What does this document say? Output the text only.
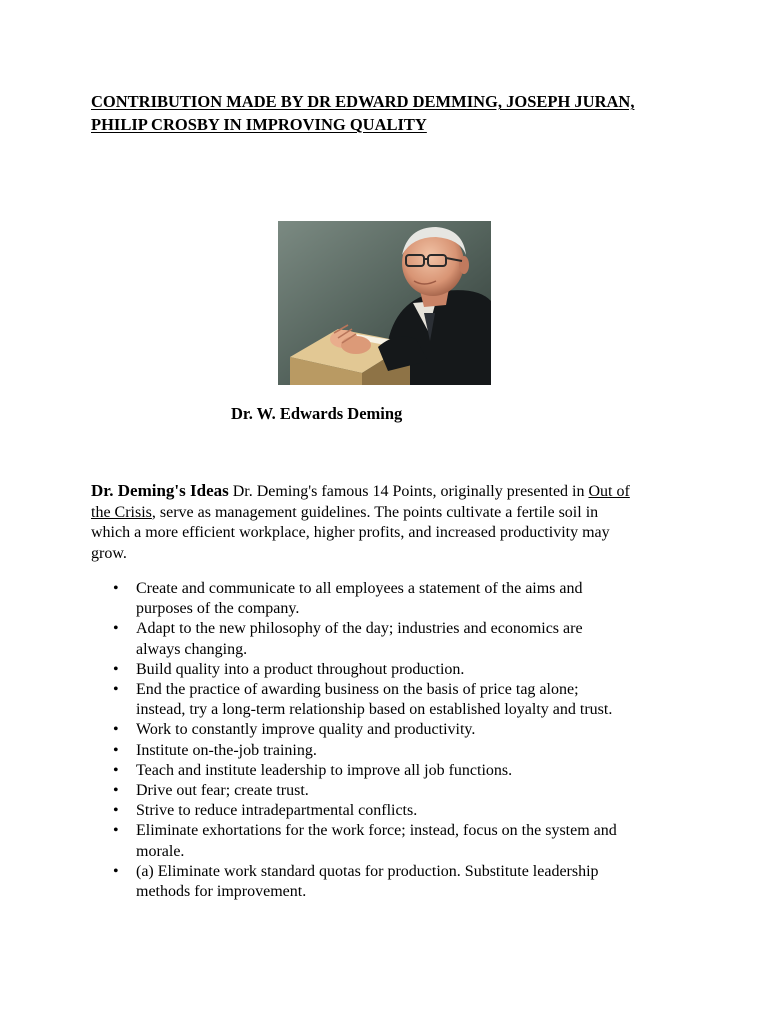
CONTRIBUTION MADE BY DR EDWARD DEMMING, JOSEPH JURAN,
PHILIP CROSBY IN IMPROVING QUALITY
Dr. W. Edwards Deming
Dr. Deming's Ideas Dr. Deming's famous 14 Points, originally presented in Out of
the Crisis, serve as management guidelines. The points cultivate a fertile soil in
which a more efficient workplace, higher profits, and increased productivity may
grow.
• Create and communicate to all employees a statement of the aims and
purposes of the company.
• Adapt to the new philosophy of the day; industries and economics are
always changing.
• Build quality into a product throughout production.
• End the practice of awarding business on the basis of price tag alone;
instead, try a long-term relationship based on established loyalty and trust.
• Work to constantly improve quality and productivity.
• Institute on-the-job training.
• Teach and institute leadership to improve all job functions.
• Drive out fear; create trust.
• Strive to reduce intradepartmental conflicts.
• Eliminate exhortations for the work force; instead, focus on the system and
morale.
• (a) Eliminate work standard quotas for production. Substitute leadership
methods for improvement.
